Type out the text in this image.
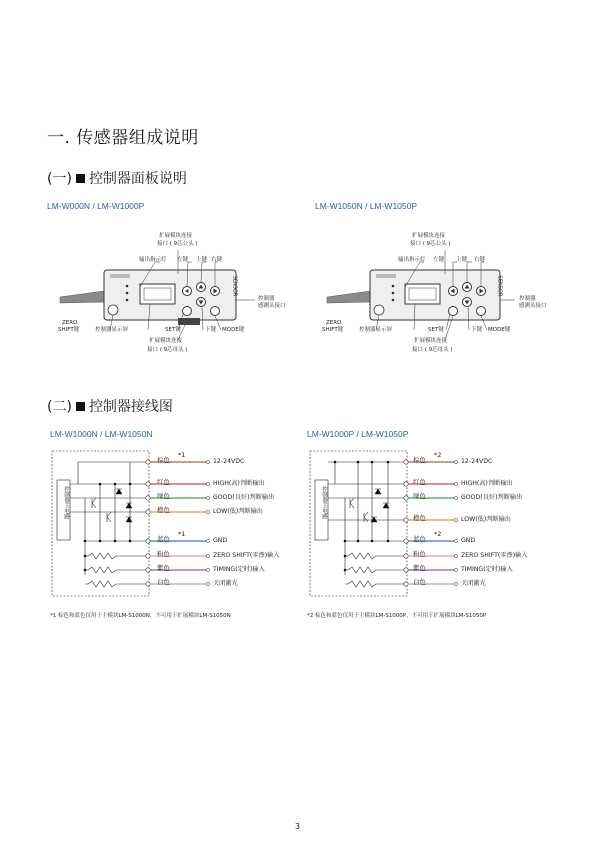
一. 传感器组成说明
(一) 控制器面板说明
LM-W000N / LM-W1000P	LM-W1050N / LM-W1050P
扩展模块连接
接口 ( 9芯公头 )
输出指示灯 左键 上键 右键
控制器
感测头接口
SENSOR
ZERO
SHIFT键	控制器显示屏	SET键	下键 MODE键
扩展模块连接
接口 ( 9芯母头 )
扩展模块连接
接口 ( 9芯公头 )
输出指示灯 左键 上键 右键
控制器
感测头接口
SENSOR
ZERO
SHIFT键	控制器显示屏	SET键	下键 MODE键
扩展模块连接
接口 ( 9芯母头 )
(二) 控制器接线图
LM-W1000N / LM-W1050N	LM-W1000P / LM-W1050P
控制器主电路
棕色
*1
红色
绿色
橙色
蓝色
*1
粉色
紫色
白色
12-24VDC
HIGH(高)判断输出
GOOD(良好)判断输出
LOW(低)判断输出
GND
ZERO SHIFT(零漂)输入
TIMING(定时)输入
关闭激光
*1 棕色和蓝色仅用于主模块LM-S1000N，不可用于扩展模块LM-S1050N
控制器主电路
棕色
*2
红色
绿色
橙色
蓝色
*2
粉色
紫色
白色
12-24VDC
HIGH(高)判断输出
GOOD(良好)判断输出
LOW(低)判断输出
GND
ZERO SHIFT(零漂)输入
TIMING(定时)输入
关闭激光
*2 棕色和蓝色仅用于主模块LM-S1000P，不可用于扩展模块LM-S1050P
3
